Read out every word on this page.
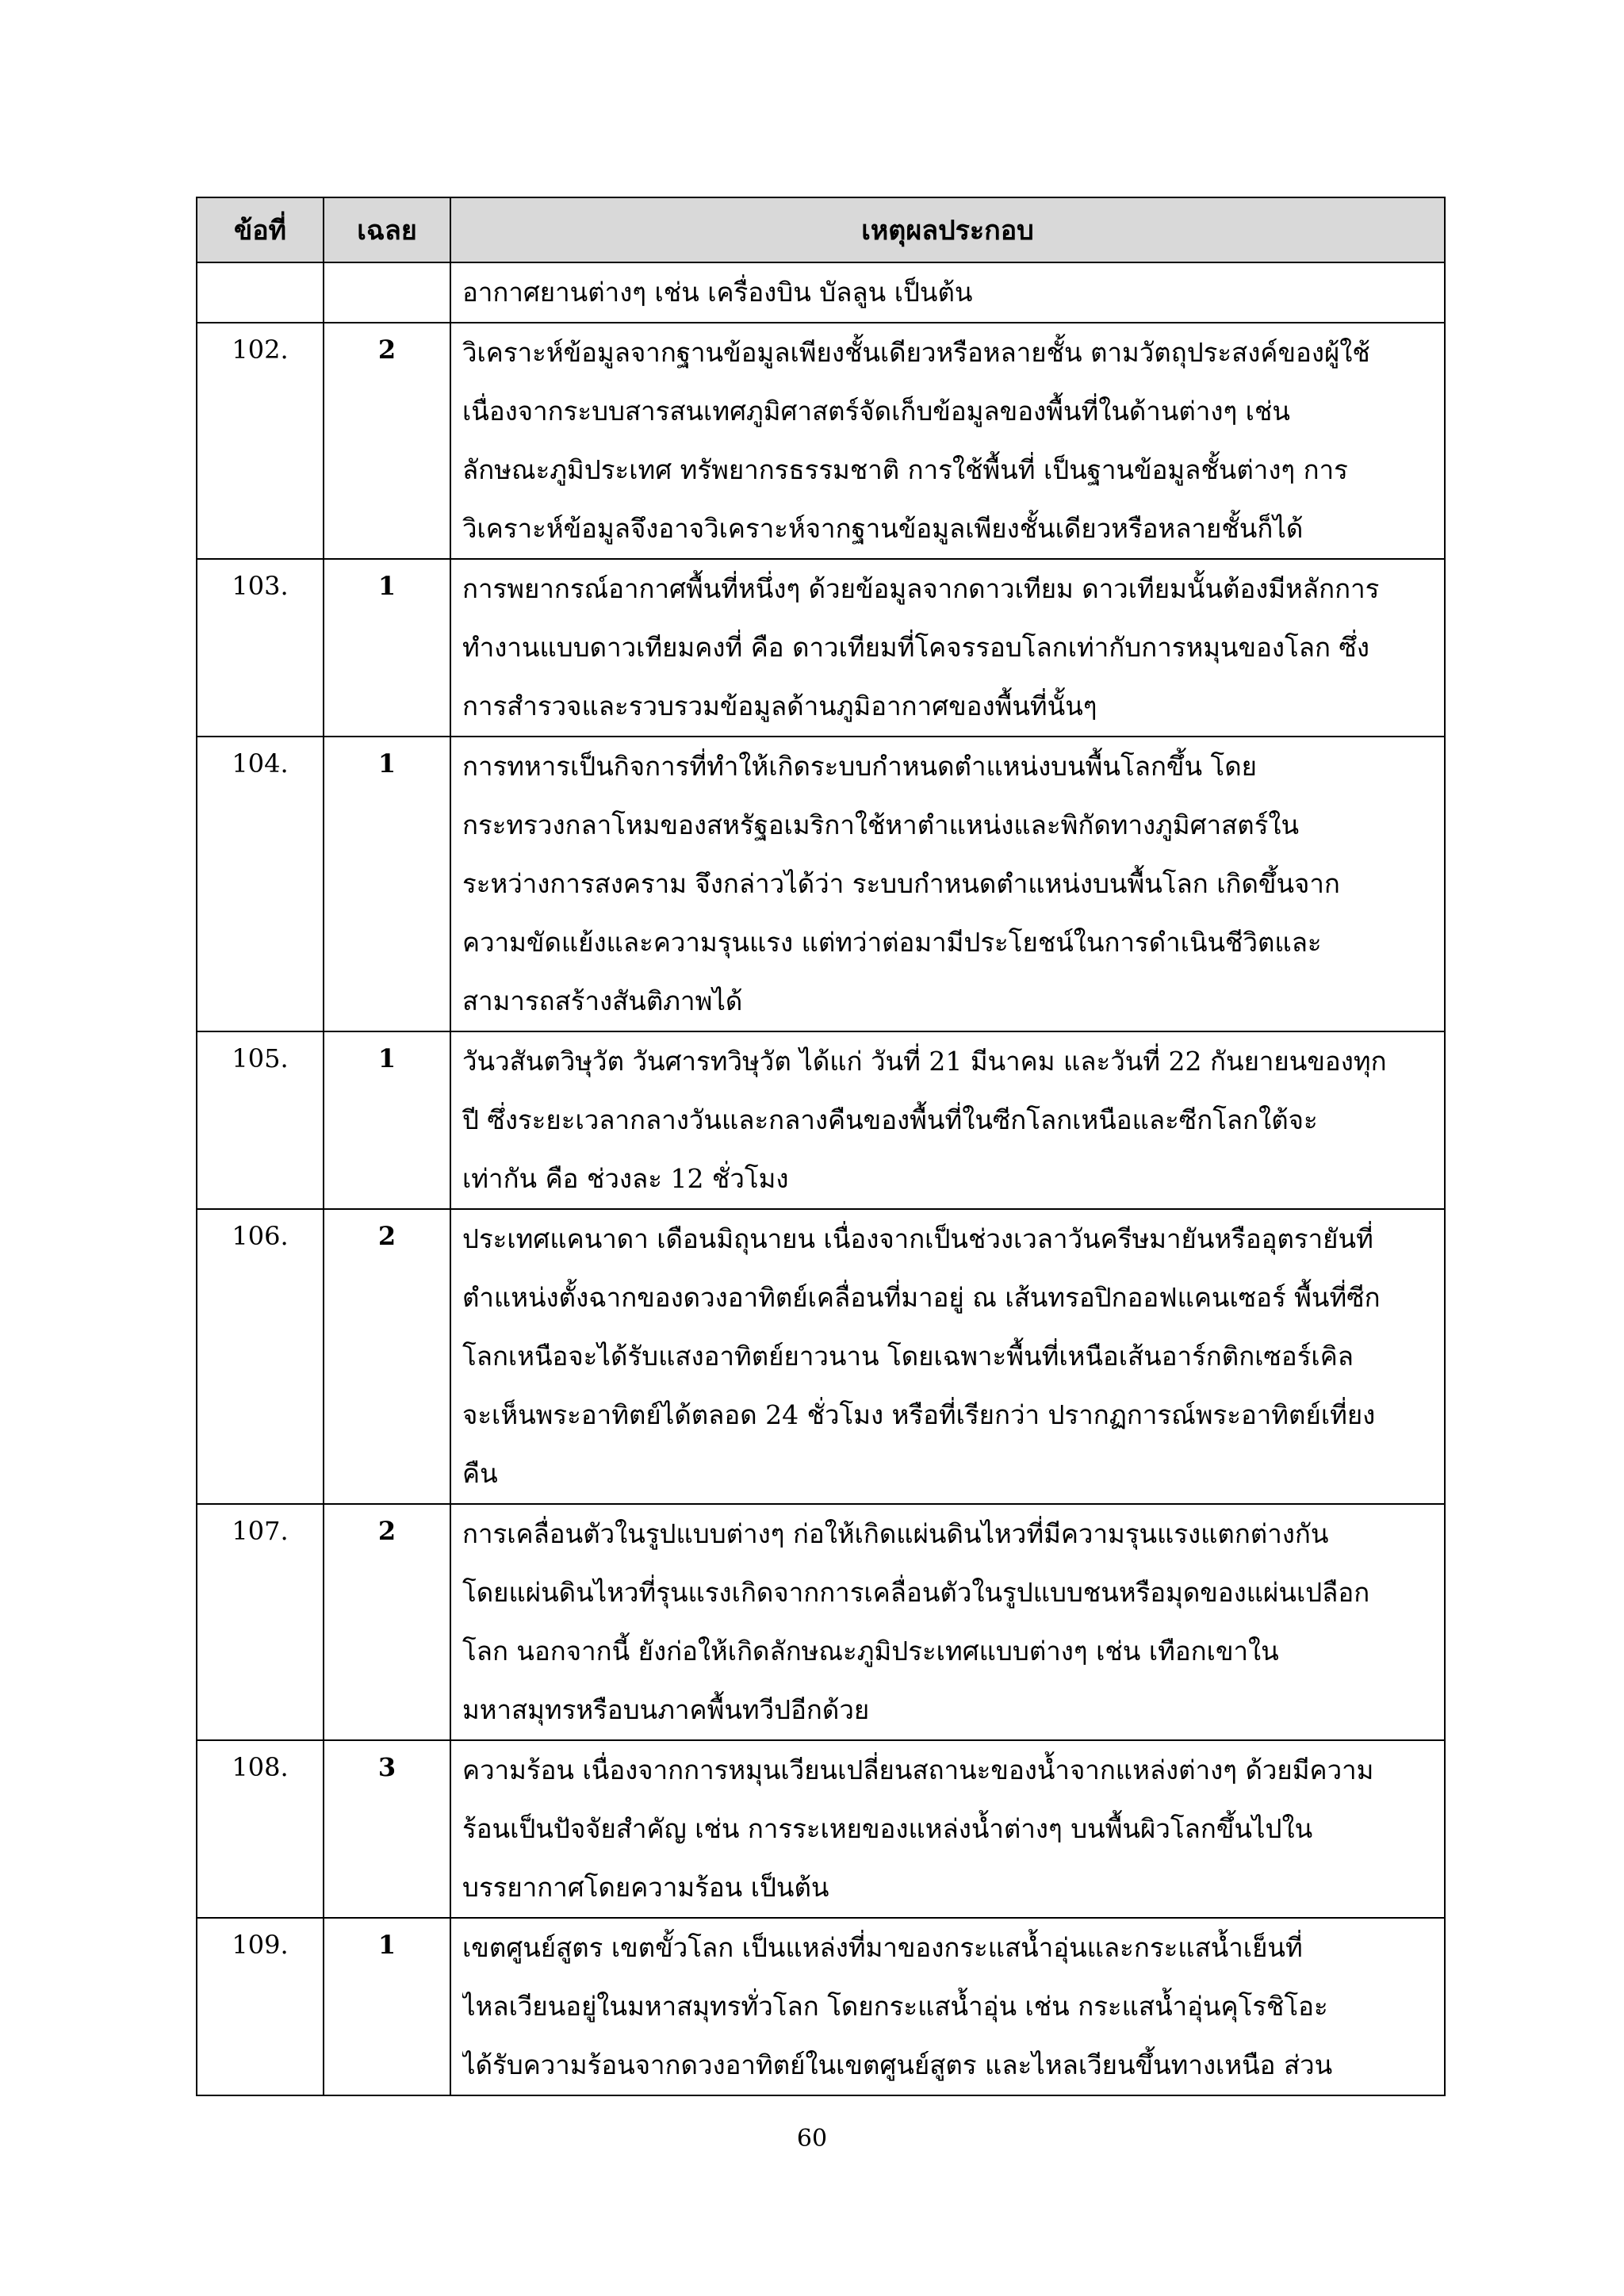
ข้อที่	เฉลย	เหตุผลประกอบ

		อากาศยานต่างๆ เช่น เครื่องบิน บัลลูน เป็นต้น

102.	2	วิเคราะห์ข้อมูลจากฐานข้อมูลเพียงชั้นเดียวหรือหลายชั้น ตามวัตถุประสงค์ของผู้ใช้
เนื่องจากระบบสารสนเทศภูมิศาสตร์จัดเก็บข้อมูลของพื้นที่ในด้านต่างๆ เช่น
ลักษณะภูมิประเทศ ทรัพยากรธรรมชาติ การใช้พื้นที่ เป็นฐานข้อมูลชั้นต่างๆ การ
วิเคราะห์ข้อมูลจึงอาจวิเคราะห์จากฐานข้อมูลเพียงชั้นเดียวหรือหลายชั้นก็ได้

103.	1	การพยากรณ์อากาศพื้นที่หนึ่งๆ ด้วยข้อมูลจากดาวเทียม ดาวเทียมนั้นต้องมีหลักการ
ทำงานแบบดาวเทียมคงที่ คือ ดาวเทียมที่โคจรรอบโลกเท่ากับการหมุนของโลก ซึ่ง
การสำรวจและรวบรวมข้อมูลด้านภูมิอากาศของพื้นที่นั้นๆ

104.	1	การทหารเป็นกิจการที่ทำให้เกิดระบบกำหนดตำแหน่งบนพื้นโลกขึ้น โดย
กระทรวงกลาโหมของสหรัฐอเมริกาใช้หาตำแหน่งและพิกัดทางภูมิศาสตร์ใน
ระหว่างการสงคราม จึงกล่าวได้ว่า ระบบกำหนดตำแหน่งบนพื้นโลก เกิดขึ้นจาก
ความขัดแย้งและความรุนแรง แต่ทว่าต่อมามีประโยชน์ในการดำเนินชีวิตและ
สามารถสร้างสันติภาพได้

105.	1	วันวสันตวิษุวัต วันศารทวิษุวัต ได้แก่ วันที่ 21 มีนาคม และวันที่ 22 กันยายนของทุก
ปี ซึ่งระยะเวลากลางวันและกลางคืนของพื้นที่ในซีกโลกเหนือและซีกโลกใต้จะ
เท่ากัน คือ ช่วงละ 12 ชั่วโมง

106.	2	ประเทศแคนาดา เดือนมิถุนายน เนื่องจากเป็นช่วงเวลาวันครีษมายันหรืออุตรายันที่
ตำแหน่งตั้งฉากของดวงอาทิตย์เคลื่อนที่มาอยู่ ณ เส้นทรอปิกออฟแคนเซอร์ พื้นที่ซีก
โลกเหนือจะได้รับแสงอาทิตย์ยาวนาน โดยเฉพาะพื้นที่เหนือเส้นอาร์กติกเซอร์เคิล
จะเห็นพระอาทิตย์ได้ตลอด 24 ชั่วโมง หรือที่เรียกว่า ปรากฏการณ์พระอาทิตย์เที่ยง
คืน

107.	2	การเคลื่อนตัวในรูปแบบต่างๆ ก่อให้เกิดแผ่นดินไหวที่มีความรุนแรงแตกต่างกัน
โดยแผ่นดินไหวที่รุนแรงเกิดจากการเคลื่อนตัวในรูปแบบชนหรือมุดของแผ่นเปลือก
โลก นอกจากนี้ ยังก่อให้เกิดลักษณะภูมิประเทศแบบต่างๆ เช่น เทือกเขาใน
มหาสมุทรหรือบนภาคพื้นทวีปอีกด้วย

108.	3	ความร้อน เนื่องจากการหมุนเวียนเปลี่ยนสถานะของน้ำจากแหล่งต่างๆ ด้วยมีความ
ร้อนเป็นปัจจัยสำคัญ เช่น การระเหยของแหล่งน้ำต่างๆ บนพื้นผิวโลกขึ้นไปใน
บรรยากาศโดยความร้อน เป็นต้น

109.	1	เขตศูนย์สูตร เขตขั้วโลก เป็นแหล่งที่มาของกระแสน้ำอุ่นและกระแสน้ำเย็นที่
ไหลเวียนอยู่ในมหาสมุทรทั่วโลก โดยกระแสน้ำอุ่น เช่น กระแสน้ำอุ่นคุโรชิโอะ
ได้รับความร้อนจากดวงอาทิตย์ในเขตศูนย์สูตร และไหลเวียนขึ้นทางเหนือ ส่วน
60
